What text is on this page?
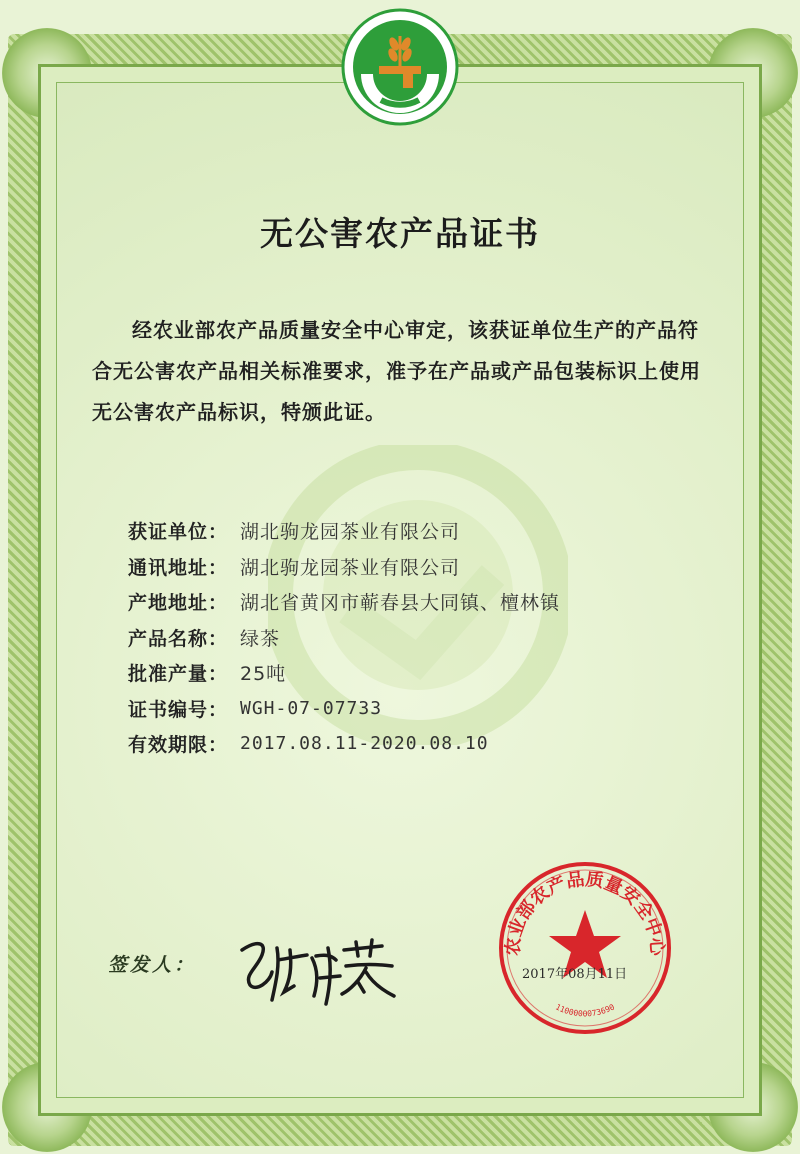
无公害农产品证书

经农业部农产品质量安全中心审定，该获证单位生产的产品符合无公害农产品相关标准要求，准予在产品或产品包装标识上使用无公害农产品标识，特颁此证。

获证单位： 湖北驹龙园茶业有限公司
通讯地址： 湖北驹龙园茶业有限公司
产地地址： 湖北省黄冈市蕲春县大同镇、檀林镇
产品名称： 绿茶
批准产量： 25吨
证书编号： WGH-07-07733
有效期限： 2017.08.11-2020.08.10
签发人：
农业部农产品质量安全中心
1100000073690
2017年08月11日
